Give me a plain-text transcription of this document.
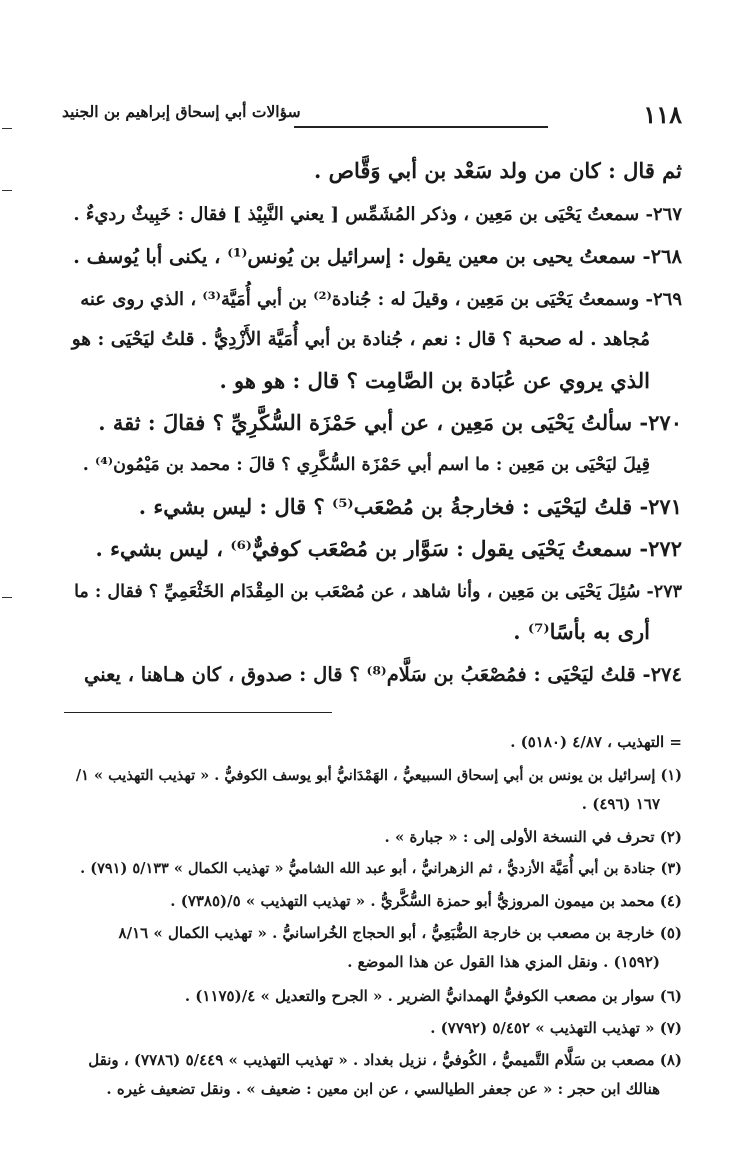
١١٨
سؤالات أبي إسحاق إبراهيم بن الجنيد
ثم قال : كان من ولد سَعْد بن أبي وَقَّاص .
٢٦٧- سمعتُ يَحْيَى بن مَعِين ، وذكر المُشَمِّس [ يعني النَّبِيْذ ] فقال : خَبِيثٌ رديءٌ .
٢٦٨- سمعتُ يحيى بن معين يقول : إسرائيل بن يُونس⁽¹⁾ ، يكنى أبا يُوسف .
٢٦٩- وسمعتُ يَحْيَى بن مَعِين ، وقيلَ له : جُنادة⁽²⁾ بن أبي أُمَيَّة⁽³⁾ ، الذي روى عنه
مُجاهد . له صحبة ؟ قال : نعم ، جُنادة بن أبي أُمَيَّة الأَزْدِيُّ . قلتُ ليَحْيَى : هو
الذي يروي عن عُبَادة بن الصَّامِت ؟ قال : هو هو .
٢٧٠- سألتُ يَحْيَى بن مَعِين ، عن أبي حَمْزَة السُّكَّرِيِّ ؟ فقالَ : ثقة .
قِيلَ ليَحْيَى بن مَعِين : ما اسم أبي حَمْزَة السُّكَّرِي ؟ قالَ : محمد بن مَيْمُون⁽⁴⁾ .
٢٧١- قلتُ ليَحْيَى : فخارجةُ بن مُصْعَب⁽⁵⁾ ؟ قال : ليس بشيء .
٢٧٢- سمعتُ يَحْيَى يقول : سَوَّار بن مُصْعَب كوفيٌّ⁽⁶⁾ ، ليس بشيء .
٢٧٣- سُئِلَ يَحْيَى بن مَعِين ، وأنا شاهد ، عن مُصْعَب بن المِقْدَام الخَثْعَمِيِّ ؟ فقال : ما
أرى به بأسًا⁽⁷⁾ .
٢٧٤- قلتُ ليَحْيَى : فمُصْعَبُ بن سَلَّام⁽⁸⁾ ؟ قال : صدوق ، كان هـاهنا ، يعني
= التهذيب ، ٤/٨٧ (٥١٨٠) .
(١) إسرائيل بن يونس بن أبي إسحاق السبيعيُّ ، الهَمْدَانيُّ أبو يوسف الكوفيُّ . « تهذيب التهذيب » ١/
١٦٧ (٤٩٦) .
(٢) تحرف في النسخة الأولى إلى : « جبارة » .
(٣) جنادة بن أبي أُمَيَّة الأزديُّ ، ثم الزهرانيُّ ، أبو عبد الله الشاميُّ « تهذيب الكمال » ٥/١٣٣ (٧٩١) .
(٤) محمد بن ميمون المروزيُّ أبو حمزة السُّكَّريُّ . « تهذيب التهذيب » ٥/(٧٣٨٥) .
(٥) خارجة بن مصعب بن خارجة الضُّبَعِيُّ ، أبو الحجاج الخُراسانيُّ . « تهذيب الكمال » ٨/١٦
(١٥٩٢) . ونقل المزي هذا القول عن هذا الموضع .
(٦) سوار بن مصعب الكوفيُّ الهمدانيُّ الضرير . « الجرح والتعديل » ٤/(١١٧٥) .
(٧) « تهذيب التهذيب » ٥/٤٥٢ (٧٧٩٢) .
(٨) مصعب بن سَلَّام التَّميميُّ ، الكُوفيُّ ، نزيل بغداد . « تهذيب التهذيب » ٥/٤٤٩ (٧٧٨٦) ، ونقل
هنالك ابن حجر : « عن جعفر الطيالسي ، عن ابن معين : ضعيف » . ونقل تضعيف غيره .
